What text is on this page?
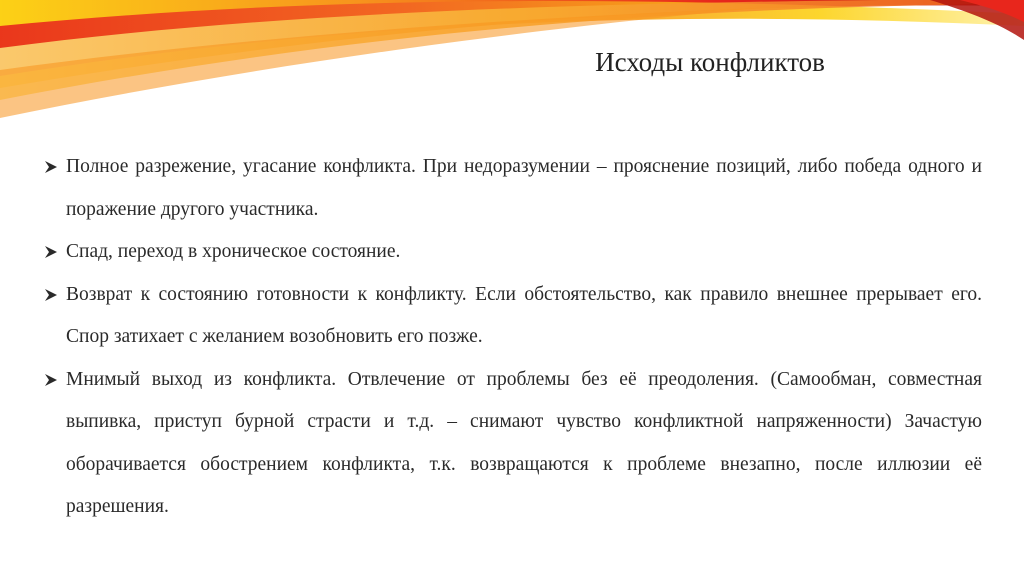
Исходы конфликтов

Полное разрежение, угасание конфликта. При недоразумении – прояснение позиций, либо победа одного и поражение другого участника.

Спад, переход в хроническое состояние.

Возврат к состоянию готовности к конфликту. Если обстоятельство, как правило внешнее прерывает его. Спор затихает с желанием возобновить его позже.

Мнимый выход из конфликта. Отвлечение от проблемы без её преодоления. (Самообман, совместная выпивка, приступ бурной страсти и т.д. – снимают чувство конфликтной напряженности) Зачастую оборачивается обострением конфликта, т.к. возвращаются к проблеме внезапно, после иллюзии её разрешения.
